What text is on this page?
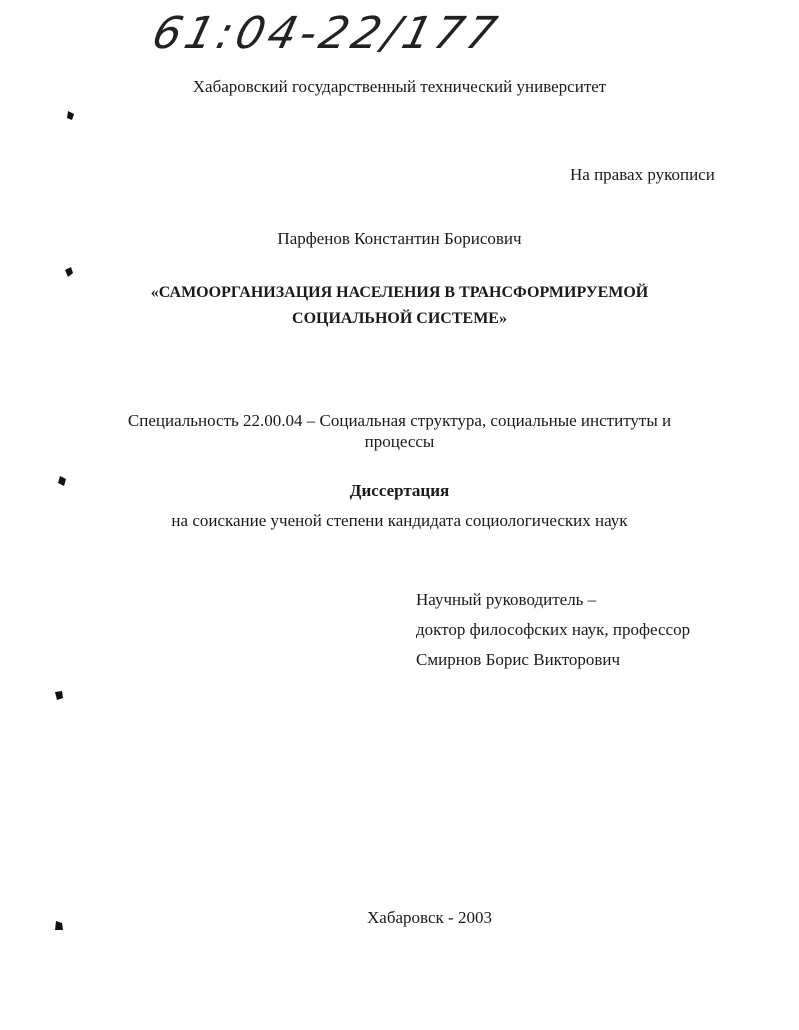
61:04-22/177
Хабаровский государственный технический университет
На правах рукописи
Парфенов Константин Борисович
«САМООРГАНИЗАЦИЯ НАСЕЛЕНИЯ В ТРАНСФОРМИРУЕМОЙ
СОЦИАЛЬНОЙ СИСТЕМЕ»
Специальность 22.00.04 – Социальная структура, социальные институты и
процессы
Диссертация
на соискание ученой степени кандидата социологических наук
Научный руководитель –
доктор философских наук, профессор
Смирнов Борис Викторович
Хабаровск - 2003
